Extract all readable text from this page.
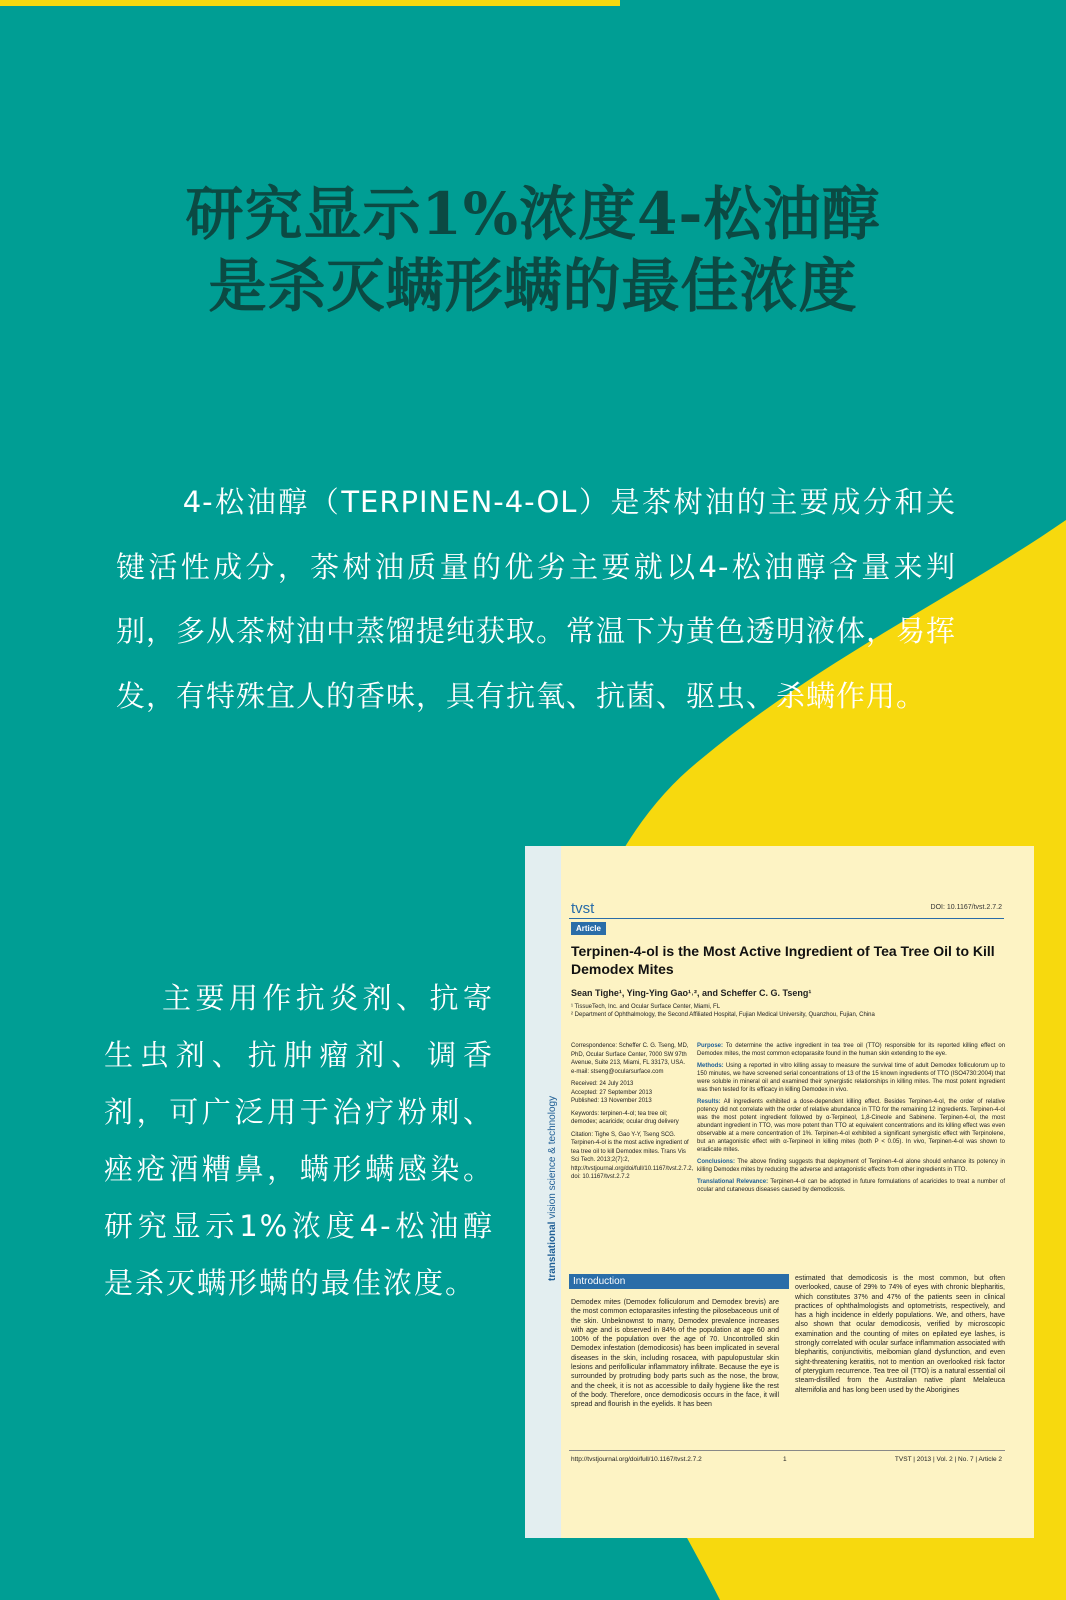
研究显示1%浓度4-松油醇
是杀灭螨形螨的最佳浓度

4-松油醇（TERPINEN-4-OL）是茶树油的主要成分和关键活性成分，茶树油质量的优劣主要就以4-松油醇含量来判别，多从茶树油中蒸馏提纯获取。常温下为黄色透明液体，易挥发，有特殊宜人的香味，具有抗氧、抗菌、驱虫、杀螨作用。

主要用作抗炎剂、抗寄生虫剂、抗肿瘤剂、调香剂，可广泛用于治疗粉刺、痤疮酒糟鼻，螨形螨感染。研究显示1%浓度4-松油醇是杀灭螨形螨的最佳浓度。

translational vision science & technology
tvst	DOI: 10.1167/tvst.2.7.2
Article
Terpinen-4-ol is the Most Active Ingredient of Tea Tree Oil to Kill Demodex Mites
Sean Tighe¹, Ying-Ying Gao¹˒², and Scheffer C. G. Tseng¹
¹ TissueTech, Inc. and Ocular Surface Center, Miami, FL
² Department of Ophthalmology, the Second Affiliated Hospital, Fujian Medical University, Quanzhou, Fujian, China

Correspondence: Scheffer C. G. Tseng, MD, PhD, Ocular Surface Center, 7000 SW 97th Avenue, Suite 213, Miami, FL 33173, USA. e-mail: stseng@ocularsurface.com

Received: 24 July 2013

Accepted: 27 September 2013

Published: 13 November 2013

Keywords: terpinen-4-ol; tea tree oil; demodex; acaricide; ocular drug delivery

Citation: Tighe S, Gao Y-Y, Tseng SCG. Terpinen-4-ol is the most active ingredient of tea tree oil to kill Demodex mites. Trans Vis Sci Tech. 2013;2(7):2, http://tvstjournal.org/doi/full/10.1167/tvst.2.7.2, doi: 10.1167/tvst.2.7.2

Purpose: To determine the active ingredient in tea tree oil (TTO) responsible for its reported killing effect on Demodex mites, the most common ectoparasite found in the human skin extending to the eye.

Methods: Using a reported in vitro killing assay to measure the survival time of adult Demodex folliculorum up to 150 minutes, we have screened serial concentrations of 13 of the 15 known ingredients of TTO (ISO4730:2004) that were soluble in mineral oil and examined their synergistic relationships in killing mites. The most potent ingredient was then tested for its efficacy in killing Demodex in vivo.

Results: All ingredients exhibited a dose-dependent killing effect. Besides Terpinen-4-ol, the order of relative potency did not correlate with the order of relative abundance in TTO for the remaining 12 ingredients. Terpinen-4-ol was the most potent ingredient followed by α-Terpineol, 1,8-Cineole and Sabinene. Terpinen-4-ol, the most abundant ingredient in TTO, was more potent than TTO at equivalent concentrations and its killing effect was even observable at a mere concentration of 1%. Terpinen-4-ol exhibited a significant synergistic effect with Terpinolene, but an antagonistic effect with α-Terpineol in killing mites (both P < 0.05). In vivo, Terpinen-4-ol was shown to eradicate mites.

Conclusions: The above finding suggests that deployment of Terpinen-4-ol alone should enhance its potency in killing Demodex mites by reducing the adverse and antagonistic effects from other ingredients in TTO.

Translational Relevance: Terpinen-4-ol can be adopted in future formulations of acaricides to treat a number of ocular and cutaneous diseases caused by demodicosis.

Introduction

Demodex mites (Demodex folliculorum and Demodex brevis) are the most common ectoparasites infesting the pilosebaceous unit of the skin. Unbeknownst to many, Demodex prevalence increases with age and is observed in 84% of the population at age 60 and 100% of the population over the age of 70. Uncontrolled skin Demodex infestation (demodicosis) has been implicated in several diseases in the skin, including rosacea, with papulopustular skin lesions and perifollicular inflammatory infiltrate. Because the eye is surrounded by protruding body parts such as the nose, the brow, and the cheek, it is not as accessible to daily hygiene like the rest of the body. Therefore, once demodicosis occurs in the face, it will spread and flourish in the eyelids. It has been

estimated that demodicosis is the most common, but often overlooked, cause of 29% to 74% of eyes with chronic blepharitis, which constitutes 37% and 47% of the patients seen in clinical practices of ophthalmologists and optometrists, respectively, and has a high incidence in elderly populations. We, and others, have also shown that ocular demodicosis, verified by microscopic examination and the counting of mites on epilated eye lashes, is strongly correlated with ocular surface inflammation associated with blepharitis, conjunctivitis, meibomian gland dysfunction, and even sight-threatening keratitis, not to mention an overlooked risk factor of pterygium recurrence. Tea tree oil (TTO) is a natural essential oil steam-distilled from the Australian native plant Melaleuca alternifolia and has long been used by the Aborigines

http://tvstjournal.org/doi/full/10.1167/tvst.2.7.2	1	TVST | 2013 | Vol. 2 | No. 7 | Article 2
